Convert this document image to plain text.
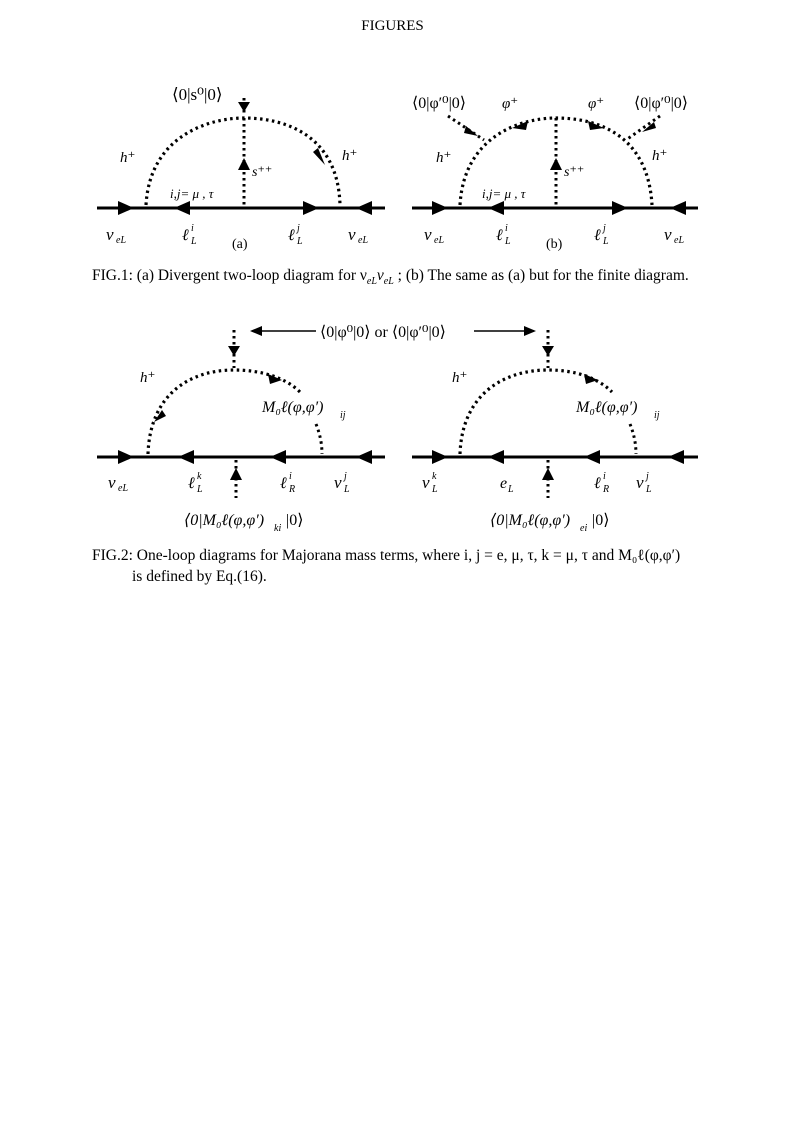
FIGURES
⟨0|s⁰|0⟩
h⁺	h⁺
s⁺⁺
i,j= μ , τ
ν eL	ℓ i
L	(a)
ℓ j
L	ν eL
⟨0|φ′⁰|0⟩ φ⁺	φ⁺ ⟨0|φ′⁰|0⟩
h⁺	h⁺
s⁺⁺
i,j= μ , τ
ν eL	ℓ i
L	(b)
ℓ j
L	ν eL
FIG.1: (a) Divergent two-loop diagram for $\nu_{eL}\nu_{eL}$ ; (b) The same as (a) but for the finite diagram.
⟨0|φ⁰|0⟩ or ⟨0|φ′⁰|0⟩
h⁺
M₀ℓ(φ,φ′) ij
ν eL	ℓ k
L	ℓ i
R ν j
L
⟨0|M₀ℓ(φ,φ′) ki |0⟩
h⁺
M₀ℓ(φ,φ′) ij
ν k
L	e L	ℓ i
R ν j
L
⟨0|M₀ℓ(φ,φ′) ei |0⟩
FIG.2: One-loop diagrams for Majorana mass terms, where i, j = e, μ, τ, k = μ, τ and M₀ℓ(φ,φ′)
is defined by Eq.(16).
